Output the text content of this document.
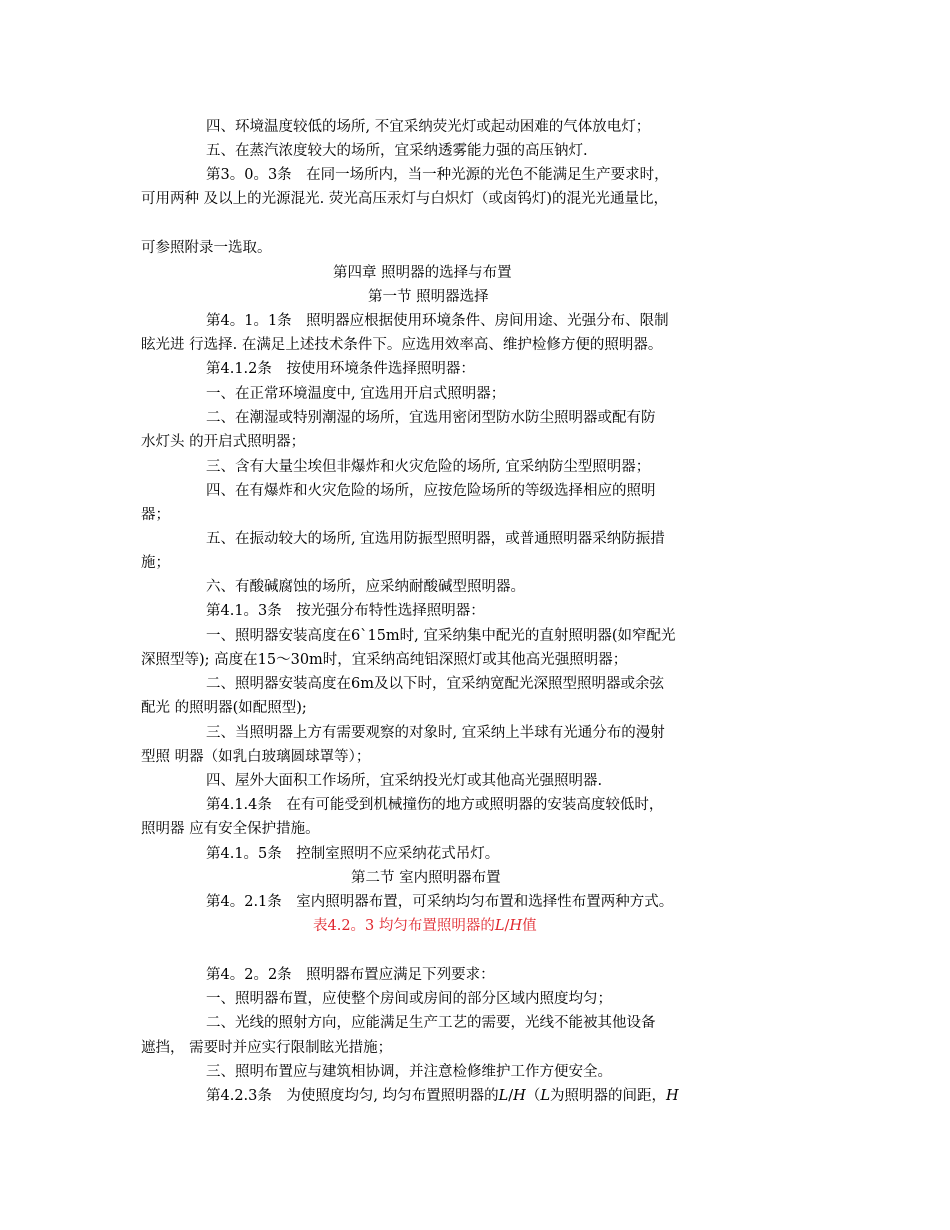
四、环境温度较低的场所, 不宜采纳荧光灯或起动困难的气体放电灯；
五、在蒸汽浓度较大的场所，宜采纳透雾能力强的高压钠灯.
第3。0。3条　在同一场所内，当一种光源的光色不能满足生产要求时，
可用两种 及以上的光源混光. 荧光高压汞灯与白炽灯（或卤钨灯)的混光光通量比，
可参照附录一选取。
第四章 照明器的选择与布置
第一节 照明器选择
第4。1。1条　照明器应根据使用环境条件、房间用途、光强分布、限制
眩光进 行选择. 在满足上述技术条件下。应选用效率高、维护检修方便的照明器。
第4.1.2条　按使用环境条件选择照明器：
一、在正常环境温度中, 宜选用开启式照明器；
二、在潮湿或特别潮湿的场所，宜选用密闭型防水防尘照明器或配有防
水灯头 的开启式照明器；
三、含有大量尘埃但非爆炸和火灾危险的场所, 宜采纳防尘型照明器；
四、在有爆炸和火灾危险的场所，应按危险场所的等级选择相应的照明
器；
五、在振动较大的场所, 宜选用防振型照明器，或普通照明器采纳防振措
施；
六、有酸碱腐蚀的场所，应采纳耐酸碱型照明器。
第4.1。3条　按光强分布特性选择照明器：
一、照明器安装高度在6`15m时, 宜采纳集中配光的直射照明器(如窄配光
深照型等); 高度在15～30m时，宜采纳高纯铝深照灯或其他高光强照明器；
二、照明器安装高度在6m及以下时，宜采纳宽配光深照型照明器或余弦
配光 的照明器(如配照型);
三、当照明器上方有需要观察的对象时, 宜采纳上半球有光通分布的漫射
型照 明器（如乳白玻璃圆球罩等）；
四、屋外大面积工作场所，宜采纳投光灯或其他高光强照明器.
第4.1.4条　在有可能受到机械撞伤的地方或照明器的安装高度较低时，
照明器 应有安全保护措施。
第4.1。5条　控制室照明不应采纳花式吊灯。
第二节 室内照明器布置
第4。2.1条　室内照明器布置，可采纳均匀布置和选择性布置两种方式。
表4.2。3 均匀布置照明器的L/H值
第4。2。2条　照明器布置应满足下列要求：
一、照明器布置，应使整个房间或房间的部分区域内照度均匀；
二、光线的照射方向，应能满足生产工艺的需要，光线不能被其他设备
遮挡， 需要时并应实行限制眩光措施；
三、照明布置应与建筑相协调，并注意检修维护工作方便安全。
第4.2.3条　为使照度均匀, 均匀布置照明器的L/H（L为照明器的间距，H
